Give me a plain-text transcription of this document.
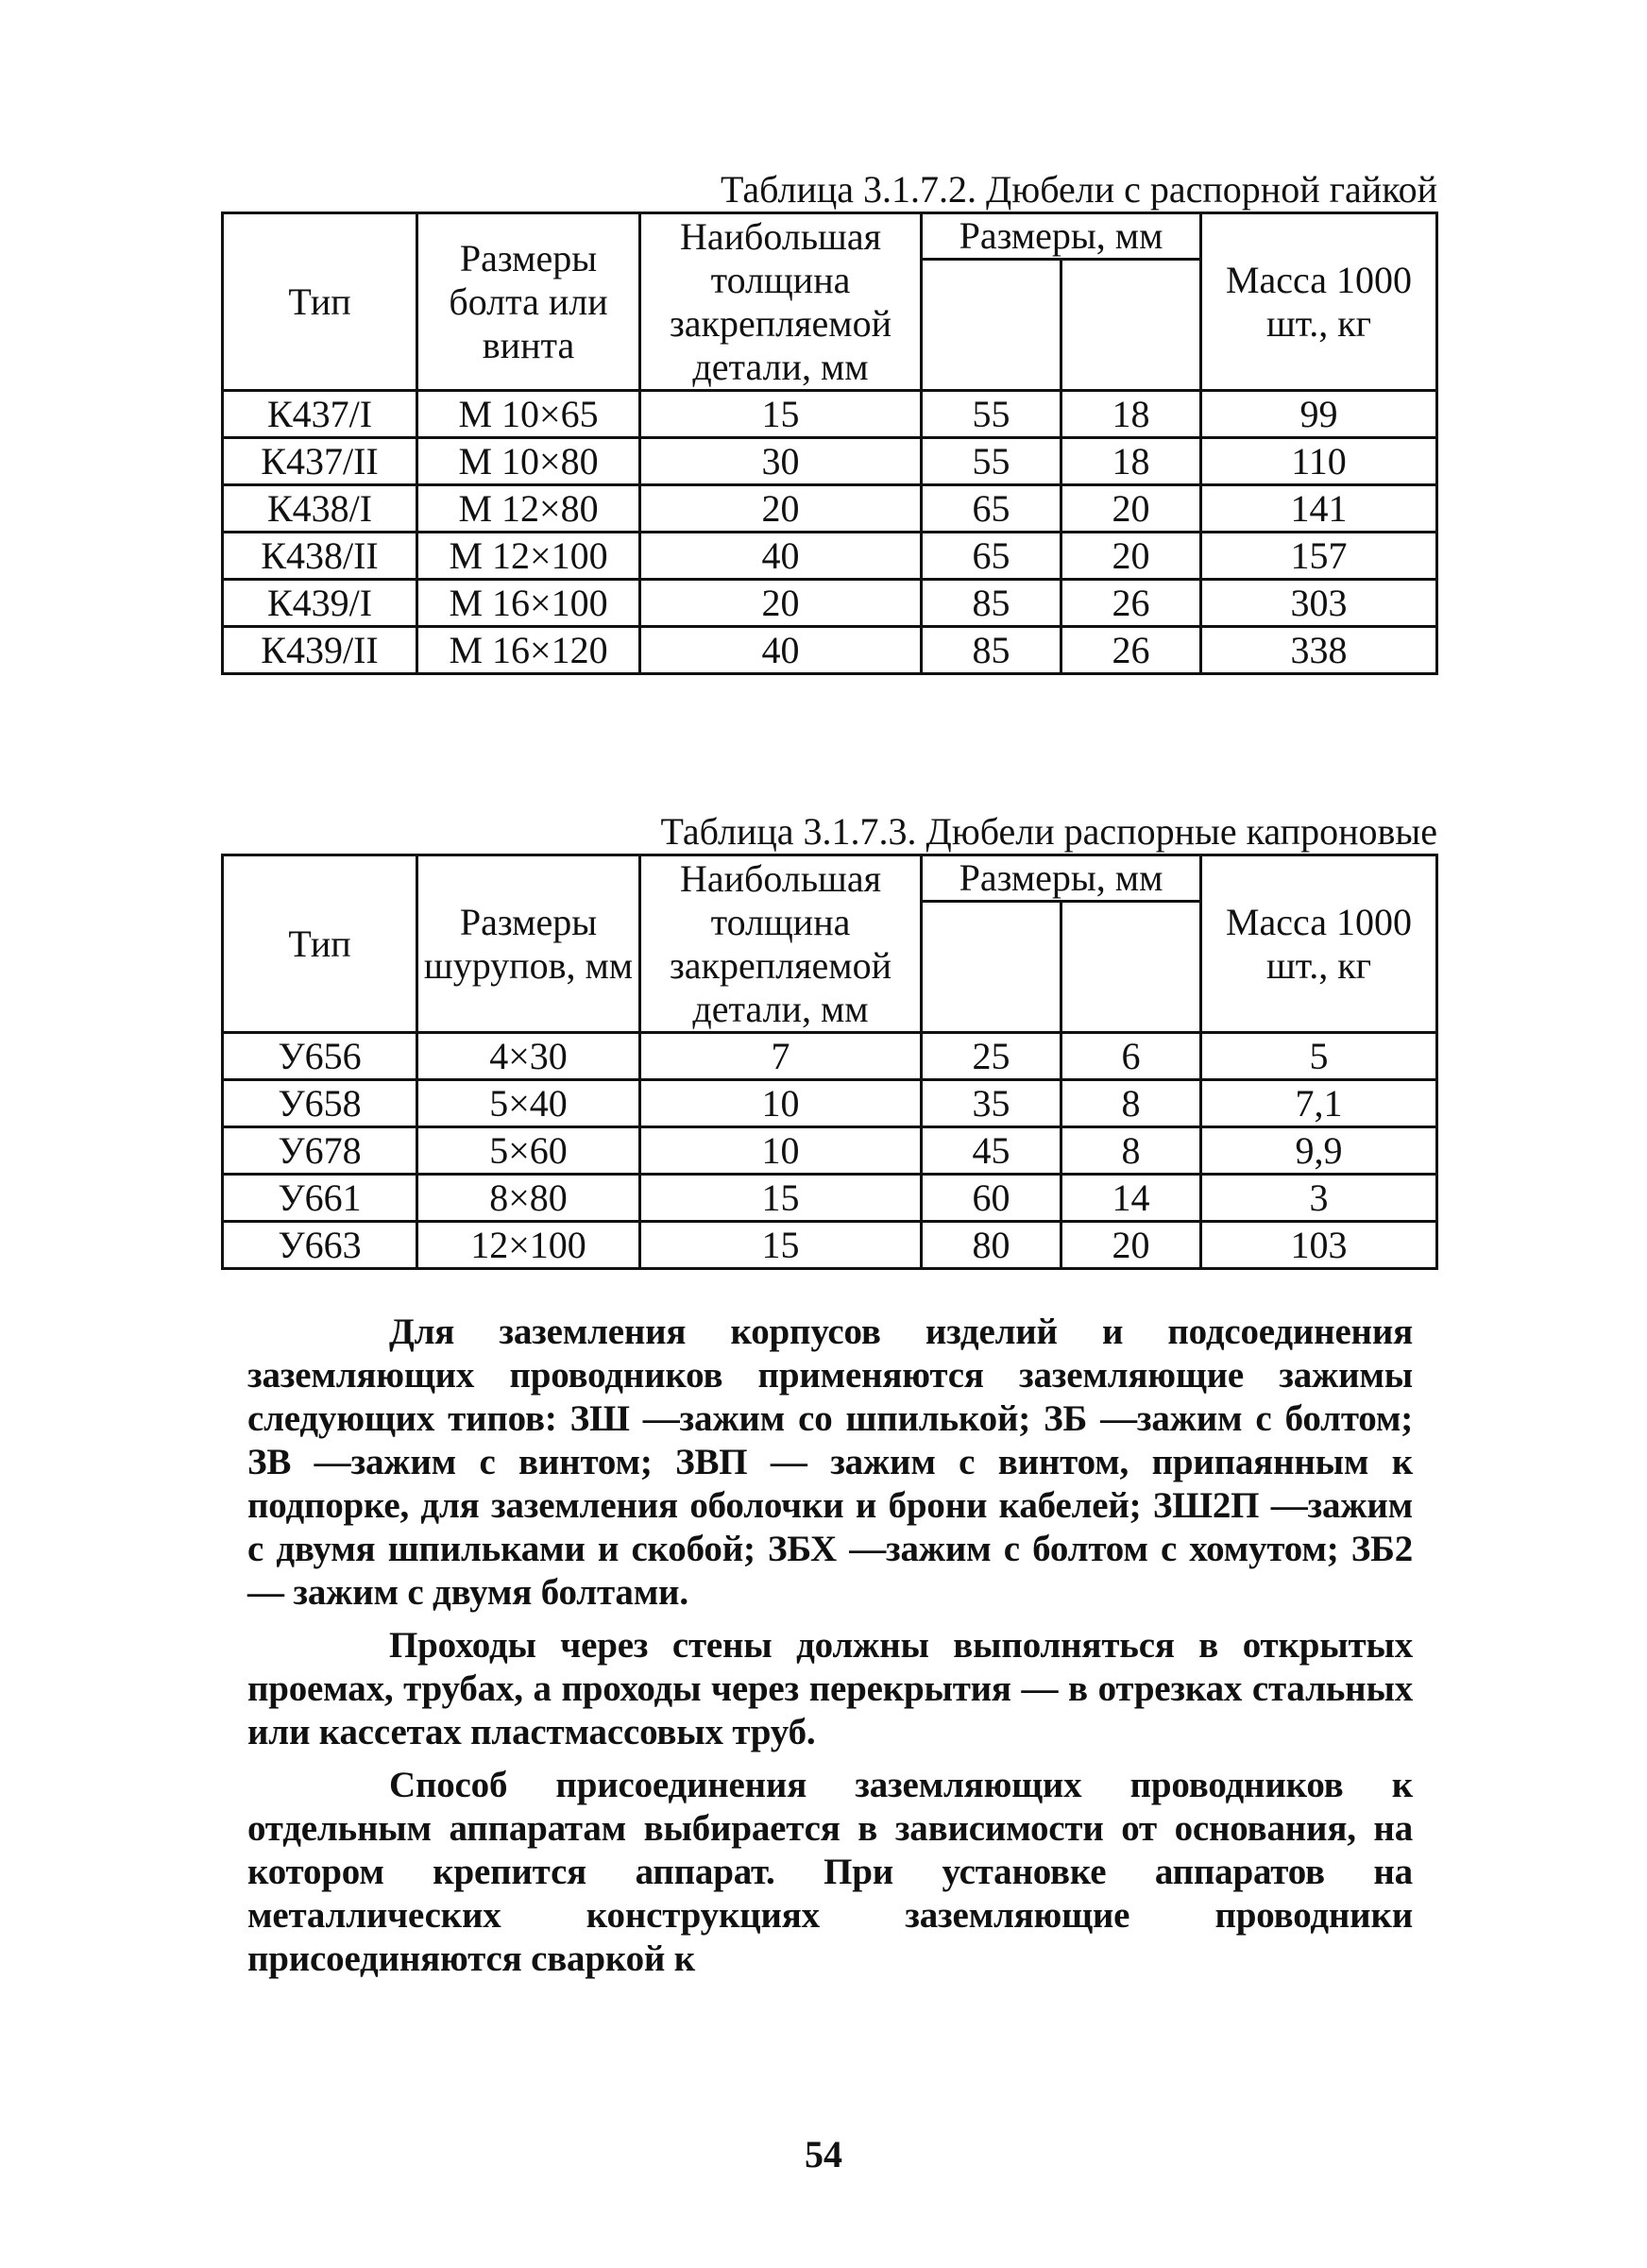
Таблица 3.1.7.2. Дюбели с распорной гайкой
Тип	Размеры болта или винта	Наибольшая толщина закрепляемой детали, мм	Размеры, мм		Масса 1000 шт., кг

К437/I	М 10×65	15	55	18	99
К437/II	М 10×80	30	55	18	110
К438/I	М 12×80	20	65	20	141
К438/II	М 12×100	40	65	20	157
К439/I	М 16×100	20	85	26	303
К439/II	М 16×120	40	85	26	338
Таблица 3.1.7.3. Дюбели распорные капроновые
Тип	Размеры шурупов, мм	Наибольшая толщина закрепляемой детали, мм	Размеры, мм		Масса 1000 шт., кг

У656	4×30	7	25	6	5
У658	5×40	10	35	8	7,1
У678	5×60	10	45	8	9,9
У661	8×80	15	60	14	3
У663	12×100	15	80	20	103

Для заземления корпусов изделий и подсоединения заземляющих проводников применяются заземляющие зажимы следующих типов: ЗШ —зажим со шпилькой; ЗБ —зажим с болтом; ЗВ —зажим с винтом; ЗВП — зажим с винтом, припаянным к подпорке, для заземления оболочки и брони кабелей; ЗШ2П —зажим с двумя шпильками и скобой; ЗБХ —зажим с болтом с хомутом; ЗБ2 — зажим с двумя болтами.

Проходы через стены должны выполняться в открытых проемах, трубах, а проходы через перекрытия — в отрезках стальных или кассетах пластмассовых труб.

Способ присоединения заземляющих проводников к отдельным аппаратам выбирается в зависимости от основания, на котором крепится аппарат. При установке аппаратов на металлических конструкциях заземляющие проводники присоединяются сваркой к

54
